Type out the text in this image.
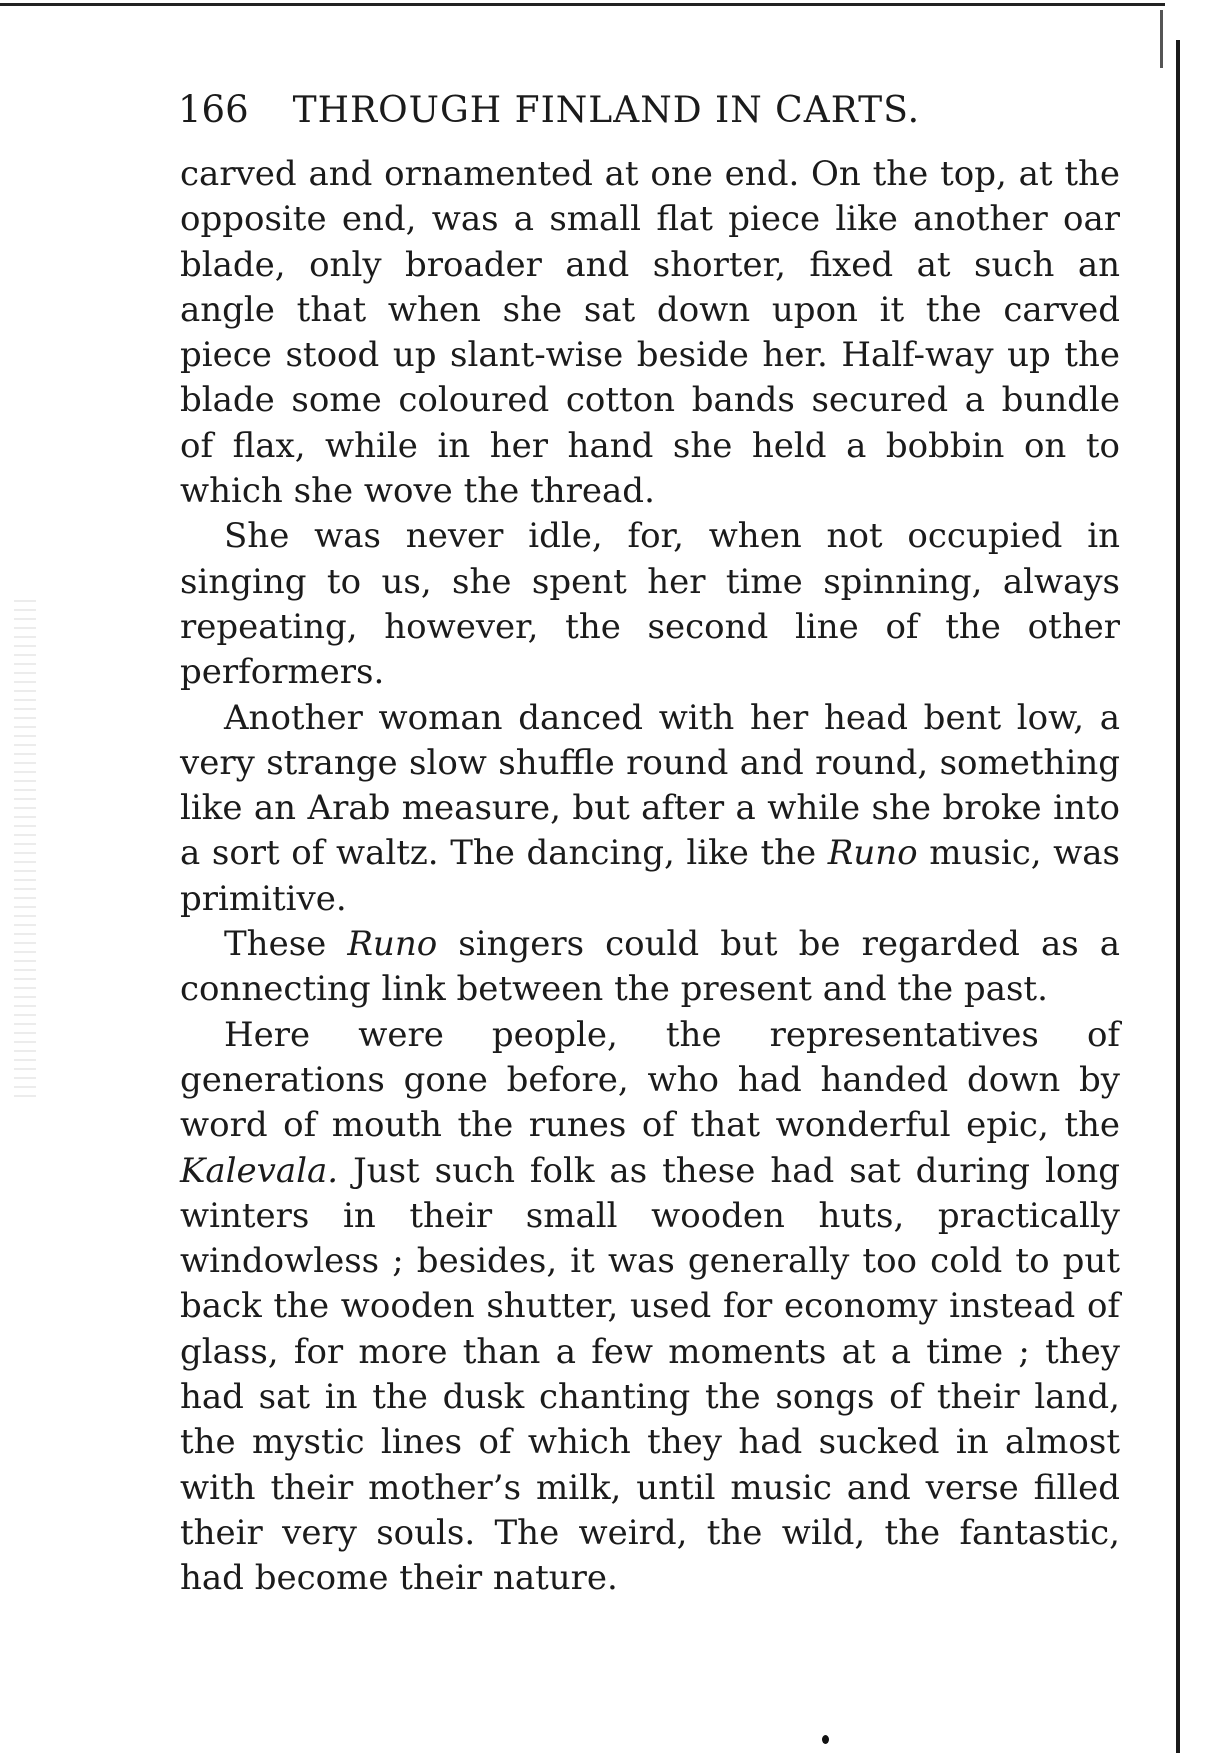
166 THROUGH FINLAND IN CARTS.

carved and ornamented at one end. On the top, at the opposite end, was a small flat piece like another oar blade, only broader and shorter, fixed at such an angle that when she sat down upon it the carved piece stood up slant-wise beside her. Half-way up the blade some coloured cotton bands secured a bundle of flax, while in her hand she held a bobbin on to which she wove the thread.

She was never idle, for, when not occupied in singing to us, she spent her time spinning, always repeating, however, the second line of the other performers.

Another woman danced with her head bent low, a very strange slow shuffle round and round, something like an Arab measure, but after a while she broke into a sort of waltz. The dancing, like the Runo music, was primitive.

These Runo singers could but be regarded as a connecting link between the present and the past.

Here were people, the representatives of generations gone before, who had handed down by word of mouth the runes of that wonderful epic, the Kalevala. Just such folk as these had sat during long winters in their small wooden huts, practically windowless ; besides, it was generally too cold to put back the wooden shutter, used for economy instead of glass, for more than a few moments at a time ; they had sat in the dusk chanting the songs of their land, the mystic lines of which they had sucked in almost with their mother’s milk, until music and verse filled their very souls. The weird, the wild, the fantastic, had become their nature.
